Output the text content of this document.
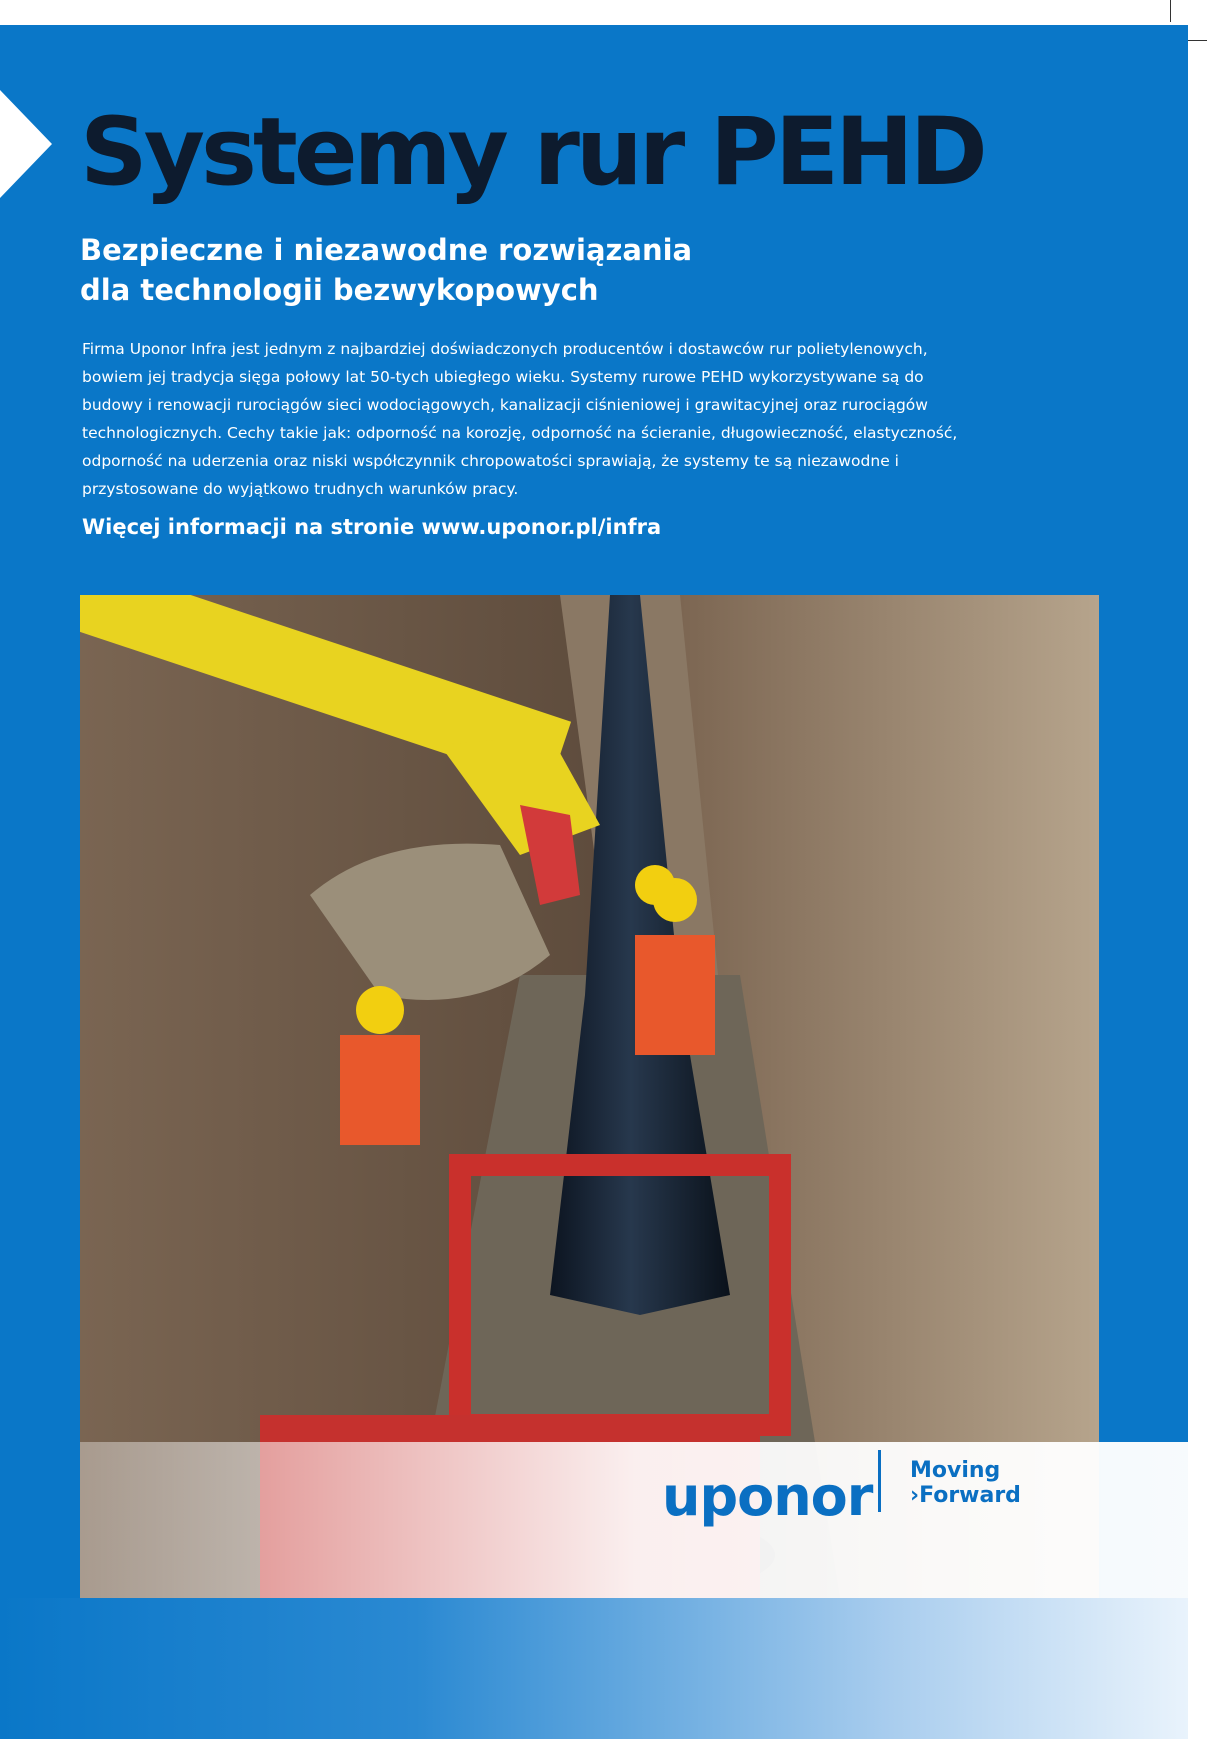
Systemy rur PEHD
Bezpieczne i niezawodne rozwiązania
dla technologii bezwykopowych

Firma Uponor Infra jest jednym z najbardziej doświadczonych producentów i dostawców rur polietylenowych, bowiem jej tradycja sięga połowy lat 50-tych ubiegłego wieku. Systemy rurowe PEHD wykorzystywane są do budowy i renowacji rurociągów sieci wodociągowych, kanalizacji ciśnieniowej i grawitacyjnej oraz rurociągów technologicznych. Cechy takie jak: odporność na korozję, odporność na ścieranie, długowieczność, elastyczność, odporność na uderzenia oraz niski współczynnik chropowatości sprawiają, że systemy te są niezawodne i przystosowane do wyjątkowo trudnych warunków pracy.

Więcej informacji na stronie www.uponor.pl/infra

uponor Moving
›Forward
